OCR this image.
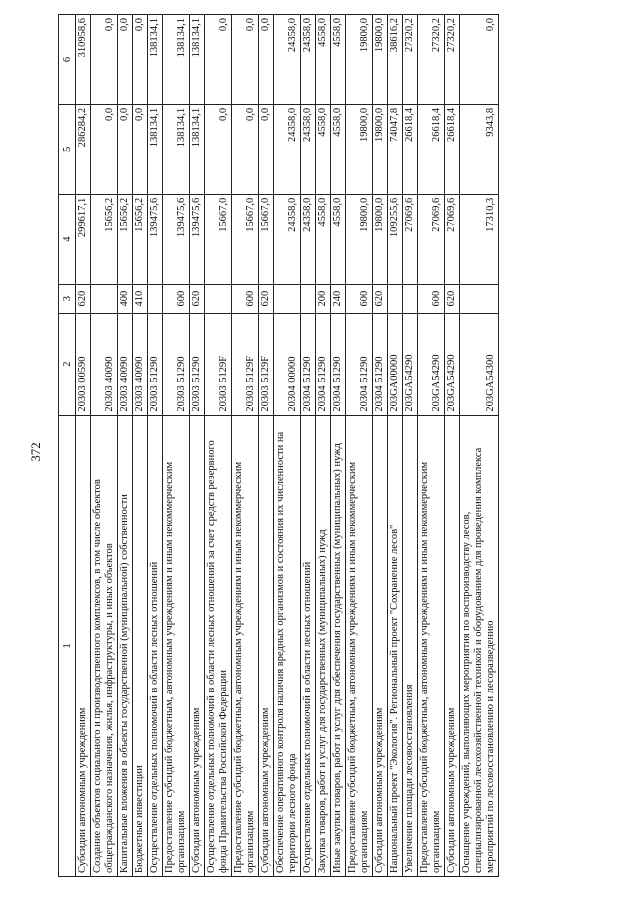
372
1	2	3	4	5	6
Субсидии автономным учреждениям	20303 00590	620	299617,1	286284,2	310958,6
Создание объектов социального и производственного комплексов, в том числе объектов общегражданского назначения, жилья, инфраструктуры, и иных объектов	20303 40090		15656,2	0,0	0,0
Капитальные вложения в объекты государственной (муниципальной) собственности	20303 40090	400	15656,2	0,0	0,0
Бюджетные инвестиции	20303 40090	410	15656,2	0,0	0,0
Осуществление отдельных полномочий в области лесных отношений	20303 51290		139475,6	138134,1	138134,1
Предоставление субсидий бюджетным, автономным учреждениям и иным некоммерческим организациям	20303 51290	600	139475,6	138134,1	138134,1
Субсидии автономным учреждениям	20303 51290	620	139475,6	138134,1	138134,1
Осуществление отдельных полномочий в области лесных отношений за счет средств резервного фонда Правительства Российской Федерации	20303 5129F		15667,0	0,0	0,0
Предоставление субсидий бюджетным, автономным учреждениям и иным некоммерческим организациям	20303 5129F	600	15667,0	0,0	0,0
Субсидии автономным учреждениям	20303 5129F	620	15667,0	0,0	0,0
Обеспечение оперативного контроля наличия вредных организмов и состояния их численности на территории лесного фонда	20304 00000		24358,0	24358,0	24358,0
Осуществление отдельных полномочий в области лесных отношений	20304 51290		24358,0	24358,0	24358,0
Закупка товаров, работ и услуг для государственных (муниципальных) нужд	20304 51290	200	4558,0	4558,0	4558,0
Иные закупки товаров, работ и услуг для обеспечения государственных (муниципальных) нужд	20304 51290	240	4558,0	4558,0	4558,0
Предоставление субсидий бюджетным, автономным учреждениям и иным некоммерческим организациям	20304 51290	600	19800,0	19800,0	19800,0
Субсидии автономным учреждениям	20304 51290	620	19800,0	19800,0	19800,0
Национальный проект "Экология". Региональный проект "Сохранение лесов"	203GA00000		109255,6	74047,8	38616,2
Увеличение площади лесовосстановления	203GA54290		27069,6	26618,4	27320,2
Предоставление субсидий бюджетным, автономным учреждениям и иным некоммерческим организациям	203GA54290	600	27069,6	26618,4	27320,2
Субсидии автономным учреждениям	203GA54290	620	27069,6	26618,4	27320,2
Оснащение учреждений, выполняющих мероприятия по воспроизводству лесов, специализированной лесохозяйственной техникой и оборудованием для проведения комплекса мероприятий по лесовосстановлению и лесоразведению	203GA54300		17310,3	9343,8	0,0
